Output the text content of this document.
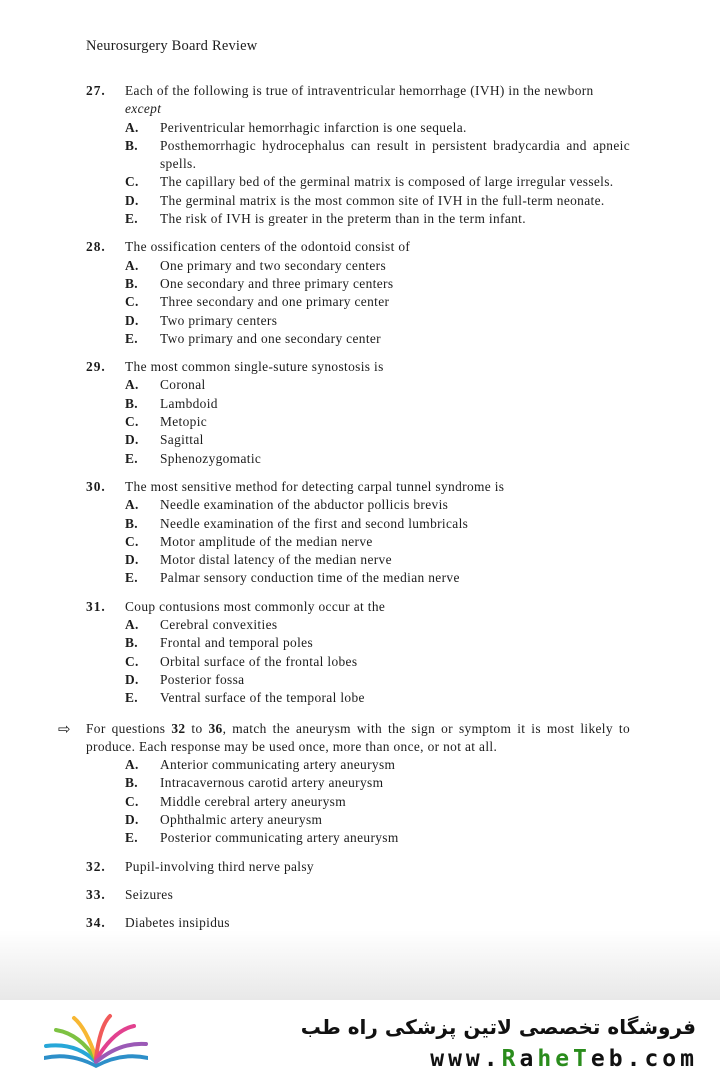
Neurosurgery Board Review
27. Each of the following is true of intraventricular hemorrhage (IVH) in the newborn
except
A. Periventricular hemorrhagic infarction is one sequela.
B. Posthemorrhagic hydrocephalus can result in persistent bradycardia and apneic spells.
C. The capillary bed of the germinal matrix is composed of large irregular vessels.
D. The germinal matrix is the most common site of IVH in the full-term neonate.
E. The risk of IVH is greater in the preterm than in the term infant.
28. The ossification centers of the odontoid consist of
A. One primary and two secondary centers
B. One secondary and three primary centers
C. Three secondary and one primary center
D. Two primary centers
E. Two primary and one secondary center
29. The most common single-suture synostosis is
A. Coronal
B. Lambdoid
C. Metopic
D. Sagittal
E. Sphenozygomatic
30. The most sensitive method for detecting carpal tunnel syndrome is
A. Needle examination of the abductor pollicis brevis
B. Needle examination of the first and second lumbricals
C. Motor amplitude of the median nerve
D. Motor distal latency of the median nerve
E. Palmar sensory conduction time of the median nerve
31. Coup contusions most commonly occur at the
A. Cerebral convexities
B. Frontal and temporal poles
C. Orbital surface of the frontal lobes
D. Posterior fossa
E. Ventral surface of the temporal lobe
⇨ For questions 32 to 36, match the aneurysm with the sign or symptom it is most likely to produce. Each response may be used once, more than once, or not at all.
A. Anterior communicating artery aneurysm
B. Intracavernous carotid artery aneurysm
C. Middle cerebral artery aneurysm
D. Ophthalmic artery aneurysm
E. Posterior communicating artery aneurysm
32. Pupil-involving third nerve palsy
33. Seizures
34. Diabetes insipidus
فروشگاه تخصصی لاتین پزشکی راه طب
www.RaheTeb.com
